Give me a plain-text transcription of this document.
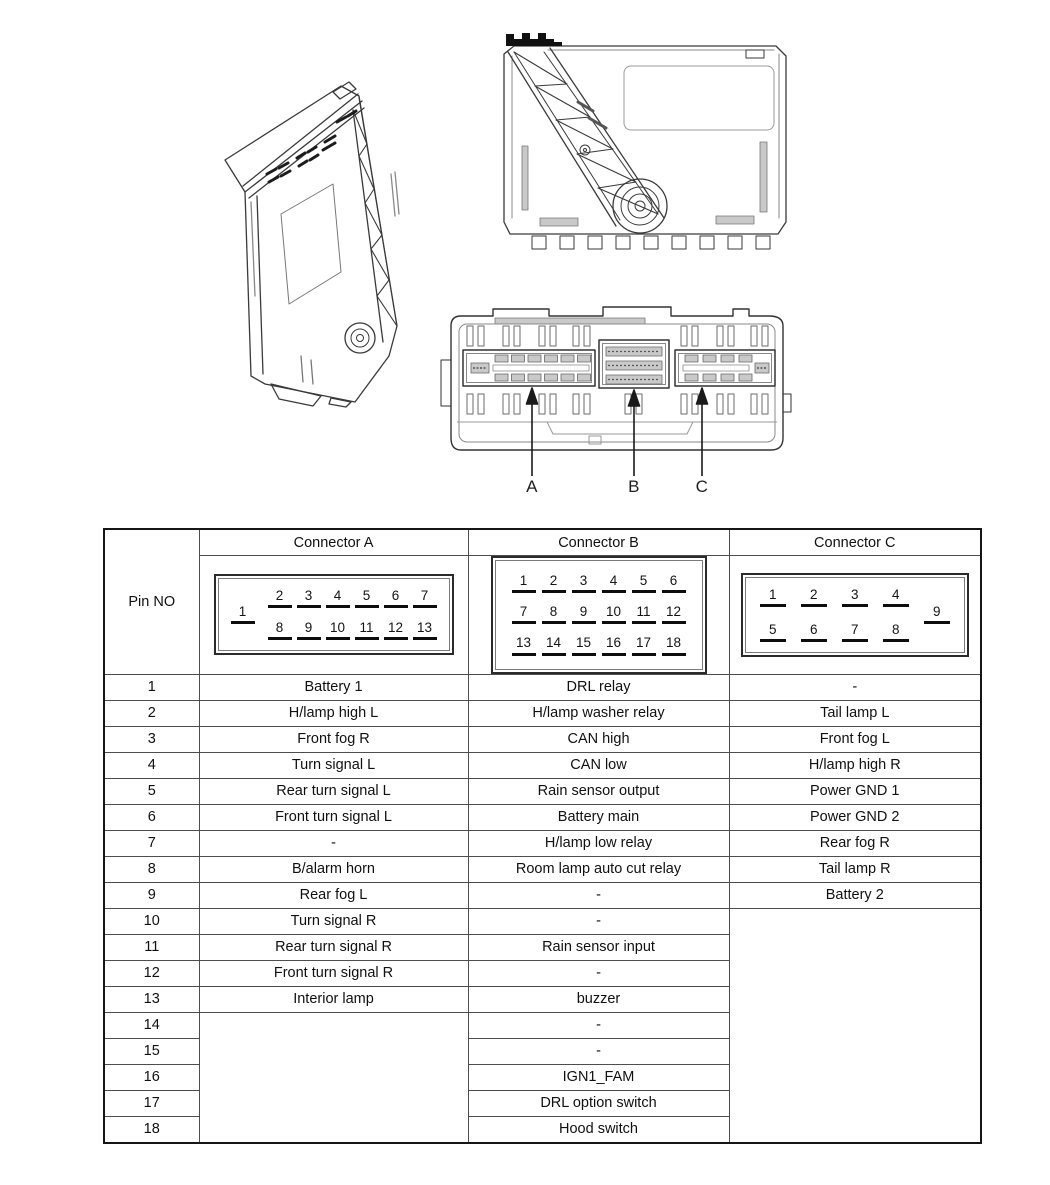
A	B	C
Pin NO	Connector A	Connector B	Connector C

1
2	3	4	5	6	7
8	9	10	11	12	13

1	2	3	4	5	6
7	8	9	10	11	12
13	14	15	16	17	18

1	2	3	4
5	6	7	8
9

1	Battery 1	DRL relay	-
2	H/lamp high L	H/lamp washer relay	Tail lamp L
3	Front fog R	CAN high	Front fog L
4	Turn signal L	CAN low	H/lamp high R
5	Rear turn signal L	Rain sensor output	Power GND 1
6	Front turn signal L	Battery main	Power GND 2
7	-	H/lamp low relay	Rear fog R
8	B/alarm horn	Room lamp auto cut relay	Tail lamp R
9	Rear fog L	-	Battery 2
10	Turn signal R	-	
11	Rear turn signal R	Rain sensor input	
12	Front turn signal R	-	
13	Interior lamp	buzzer	
14		-	
15		-	
16		IGN1_FAM	
17		DRL option switch	
18		Hood switch	
